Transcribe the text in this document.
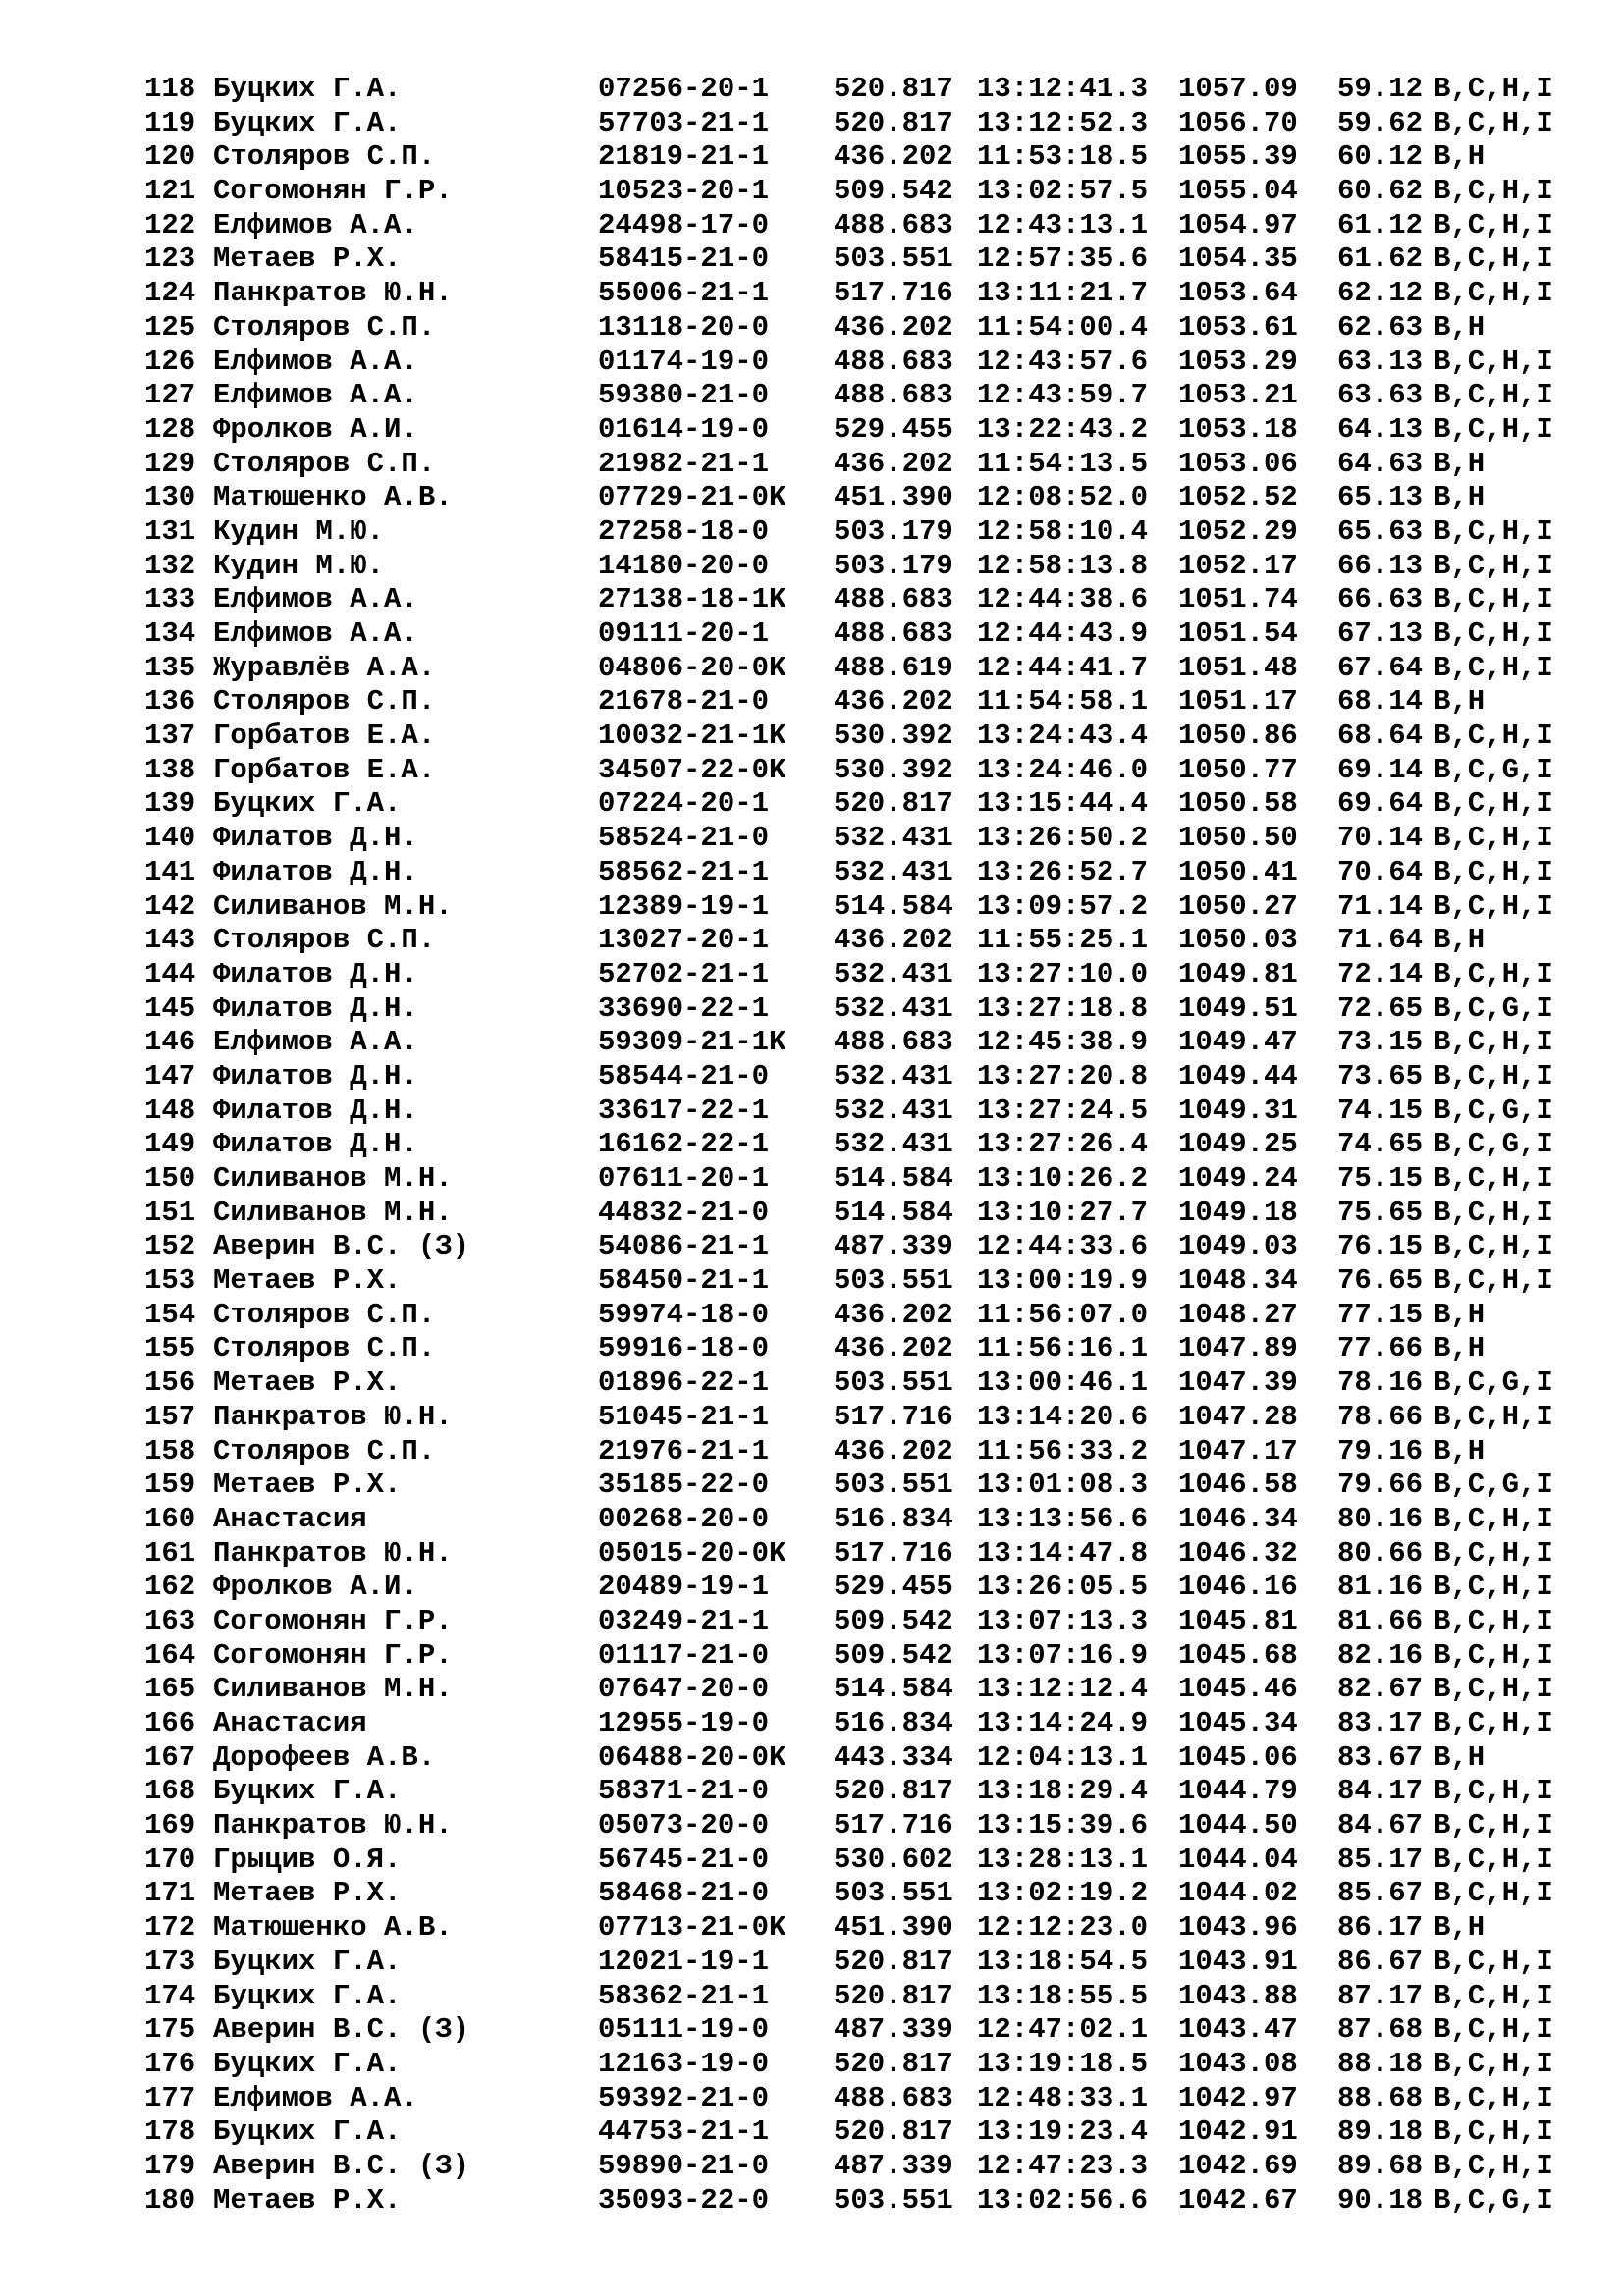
118 Буцких Г.А.	07256-20-1 520.817 13:12:41.3 1057.09 59.12 B,C,H,I
119 Буцких Г.А.	57703-21-1 520.817 13:12:52.3 1056.70 59.62 B,C,H,I
120 Столяров С.П.	21819-21-1 436.202 11:53:18.5 1055.39 60.12 B,H
121 Согомонян Г.Р.	10523-20-1 509.542 13:02:57.5 1055.04 60.62 B,C,H,I
122 Елфимов А.А.	24498-17-0 488.683 12:43:13.1 1054.97 61.12 B,C,H,I
123 Метаев Р.Х.	58415-21-0 503.551 12:57:35.6 1054.35 61.62 B,C,H,I
124 Панкратов Ю.Н.	55006-21-1 517.716 13:11:21.7 1053.64 62.12 B,C,H,I
125 Столяров С.П.	13118-20-0 436.202 11:54:00.4 1053.61 62.63 B,H
126 Елфимов А.А.	01174-19-0 488.683 12:43:57.6 1053.29 63.13 B,C,H,I
127 Елфимов А.А.	59380-21-0 488.683 12:43:59.7 1053.21 63.63 B,C,H,I
128 Фролков А.И.	01614-19-0 529.455 13:22:43.2 1053.18 64.13 B,C,H,I
129 Столяров С.П.	21982-21-1 436.202 11:54:13.5 1053.06 64.63 B,H
130 Матюшенко А.В.	07729-21-0K 451.390 12:08:52.0 1052.52 65.13 B,H
131 Кудин М.Ю.	27258-18-0 503.179 12:58:10.4 1052.29 65.63 B,C,H,I
132 Кудин М.Ю.	14180-20-0 503.179 12:58:13.8 1052.17 66.13 B,C,H,I
133 Елфимов А.А.	27138-18-1K 488.683 12:44:38.6 1051.74 66.63 B,C,H,I
134 Елфимов А.А.	09111-20-1 488.683 12:44:43.9 1051.54 67.13 B,C,H,I
135 Журавлёв А.А.	04806-20-0K 488.619 12:44:41.7 1051.48 67.64 B,C,H,I
136 Столяров С.П.	21678-21-0 436.202 11:54:58.1 1051.17 68.14 B,H
137 Горбатов Е.А.	10032-21-1K 530.392 13:24:43.4 1050.86 68.64 B,C,H,I
138 Горбатов Е.А.	34507-22-0K 530.392 13:24:46.0 1050.77 69.14 B,C,G,I
139 Буцких Г.А.	07224-20-1 520.817 13:15:44.4 1050.58 69.64 B,C,H,I
140 Филатов Д.Н.	58524-21-0 532.431 13:26:50.2 1050.50 70.14 B,C,H,I
141 Филатов Д.Н.	58562-21-1 532.431 13:26:52.7 1050.41 70.64 B,C,H,I
142 Силиванов М.Н.	12389-19-1 514.584 13:09:57.2 1050.27 71.14 B,C,H,I
143 Столяров С.П.	13027-20-1 436.202 11:55:25.1 1050.03 71.64 B,H
144 Филатов Д.Н.	52702-21-1 532.431 13:27:10.0 1049.81 72.14 B,C,H,I
145 Филатов Д.Н.	33690-22-1 532.431 13:27:18.8 1049.51 72.65 B,C,G,I
146 Елфимов А.А.	59309-21-1K 488.683 12:45:38.9 1049.47 73.15 B,C,H,I
147 Филатов Д.Н.	58544-21-0 532.431 13:27:20.8 1049.44 73.65 B,C,H,I
148 Филатов Д.Н.	33617-22-1 532.431 13:27:24.5 1049.31 74.15 B,C,G,I
149 Филатов Д.Н.	16162-22-1 532.431 13:27:26.4 1049.25 74.65 B,C,G,I
150 Силиванов М.Н.	07611-20-1 514.584 13:10:26.2 1049.24 75.15 B,C,H,I
151 Силиванов М.Н.	44832-21-0 514.584 13:10:27.7 1049.18 75.65 B,C,H,I
152 Аверин В.С. (З)	54086-21-1 487.339 12:44:33.6 1049.03 76.15 B,C,H,I
153 Метаев Р.Х.	58450-21-1 503.551 13:00:19.9 1048.34 76.65 B,C,H,I
154 Столяров С.П.	59974-18-0 436.202 11:56:07.0 1048.27 77.15 B,H
155 Столяров С.П.	59916-18-0 436.202 11:56:16.1 1047.89 77.66 B,H
156 Метаев Р.Х.	01896-22-1 503.551 13:00:46.1 1047.39 78.16 B,C,G,I
157 Панкратов Ю.Н.	51045-21-1 517.716 13:14:20.6 1047.28 78.66 B,C,H,I
158 Столяров С.П.	21976-21-1 436.202 11:56:33.2 1047.17 79.16 B,H
159 Метаев Р.Х.	35185-22-0 503.551 13:01:08.3 1046.58 79.66 B,C,G,I
160 Анастасия	00268-20-0 516.834 13:13:56.6 1046.34 80.16 B,C,H,I
161 Панкратов Ю.Н.	05015-20-0K 517.716 13:14:47.8 1046.32 80.66 B,C,H,I
162 Фролков А.И.	20489-19-1 529.455 13:26:05.5 1046.16 81.16 B,C,H,I
163 Согомонян Г.Р.	03249-21-1 509.542 13:07:13.3 1045.81 81.66 B,C,H,I
164 Согомонян Г.Р.	01117-21-0 509.542 13:07:16.9 1045.68 82.16 B,C,H,I
165 Силиванов М.Н.	07647-20-0 514.584 13:12:12.4 1045.46 82.67 B,C,H,I
166 Анастасия	12955-19-0 516.834 13:14:24.9 1045.34 83.17 B,C,H,I
167 Дорофеев А.В.	06488-20-0K 443.334 12:04:13.1 1045.06 83.67 B,H
168 Буцких Г.А.	58371-21-0 520.817 13:18:29.4 1044.79 84.17 B,C,H,I
169 Панкратов Ю.Н.	05073-20-0 517.716 13:15:39.6 1044.50 84.67 B,C,H,I
170 Грыцив О.Я.	56745-21-0 530.602 13:28:13.1 1044.04 85.17 B,C,H,I
171 Метаев Р.Х.	58468-21-0 503.551 13:02:19.2 1044.02 85.67 B,C,H,I
172 Матюшенко А.В.	07713-21-0K 451.390 12:12:23.0 1043.96 86.17 B,H
173 Буцких Г.А.	12021-19-1 520.817 13:18:54.5 1043.91 86.67 B,C,H,I
174 Буцких Г.А.	58362-21-1 520.817 13:18:55.5 1043.88 87.17 B,C,H,I
175 Аверин В.С. (З)	05111-19-0 487.339 12:47:02.1 1043.47 87.68 B,C,H,I
176 Буцких Г.А.	12163-19-0 520.817 13:19:18.5 1043.08 88.18 B,C,H,I
177 Елфимов А.А.	59392-21-0 488.683 12:48:33.1 1042.97 88.68 B,C,H,I
178 Буцких Г.А.	44753-21-1 520.817 13:19:23.4 1042.91 89.18 B,C,H,I
179 Аверин В.С. (З)	59890-21-0 487.339 12:47:23.3 1042.69 89.68 B,C,H,I
180 Метаев Р.Х.	35093-22-0 503.551 13:02:56.6 1042.67 90.18 B,C,G,I
